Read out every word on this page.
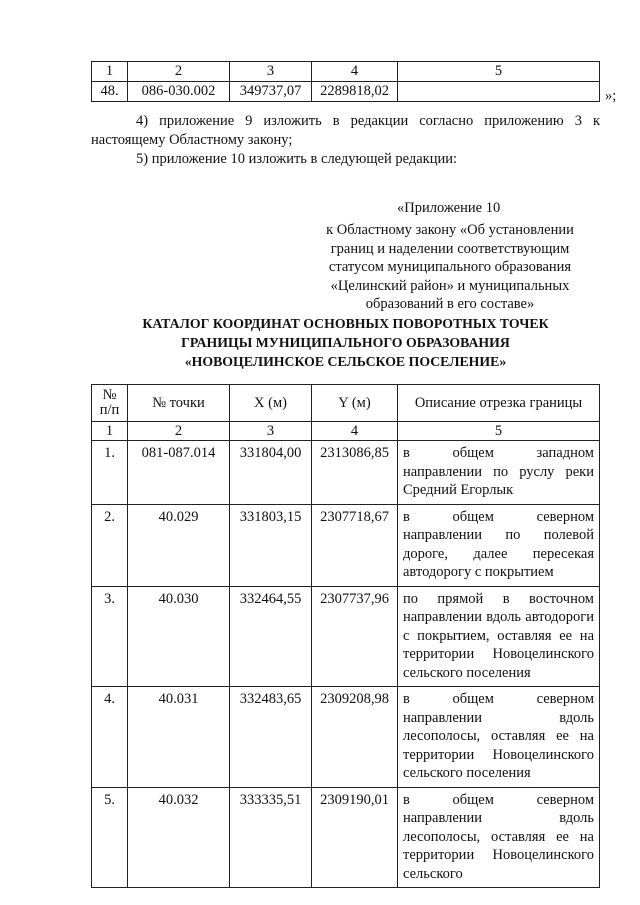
1	2	3	4	5
48.	086-030.002	349737,07	2289818,02		»;
4) приложение 9 изложить в редакции согласно приложению 3 к настоящему Областному закону;
5) приложение 10 изложить в следующей редакции:
«Приложение 10
к Областному закону «Об установлении
границ и наделении соответствующим
статусом муниципального образования
«Целинский район» и муниципальных
образований в его составе»
КАТАЛОГ КООРДИНАТ ОСНОВНЫХ ПОВОРОТНЫХ ТОЧЕК
ГРАНИЦЫ МУНИЦИПАЛЬНОГО ОБРАЗОВАНИЯ
«НОВОЦЕЛИНСКОЕ СЕЛЬСКОЕ ПОСЕЛЕНИЕ»
№
п/п	№ точки	X (м)	Y (м)	Описание отрезка границы
1	2	3	4	5
1.	081-087.014	331804,00	2313086,85	в общем западном направлении по руслу реки Средний Егорлык
2.	40.029	331803,15	2307718,67	в общем северном направлении по полевой дороге, далее пересекая автодорогу с покрытием
3.	40.030	332464,55	2307737,96	по прямой в восточном направлении вдоль автодороги с покрытием, оставляя ее на территории Новоцелинского сельского поселения
4.	40.031	332483,65	2309208,98	в общем северном направлении вдоль лесополосы, оставляя ее на территории Новоцелинского сельского поселения
5.	40.032	333335,51	2309190,01	в общем северном направлении вдоль лесополосы, оставляя ее на территории Новоцелинского сельского
